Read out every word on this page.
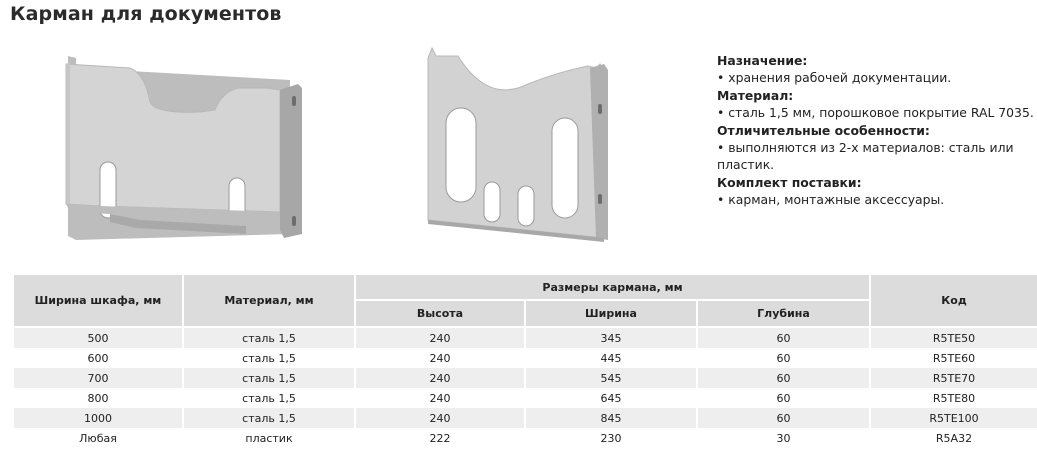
Карман для документов
Назначение:
• хранения рабочей документации.
Материал:
• сталь 1,5 мм, порошковое покрытие RAL 7035.
Отличительные особенности:
• выполняются из 2-х материалов: сталь или пластик.
Комплект поставки:
• карман, монтажные аксессуары.
Ширина шкафа, мм	Материал, мм	Размеры кармана, мм			Код
		Высота	Ширина	Глубина	
500	сталь 1,5	240	345	60	R5TE50
600	сталь 1,5	240	445	60	R5TE60
700	сталь 1,5	240	545	60	R5TE70
800	сталь 1,5	240	645	60	R5TE80
1000	сталь 1,5	240	845	60	R5TE100
Любая	пластик	222	230	30	R5A32
